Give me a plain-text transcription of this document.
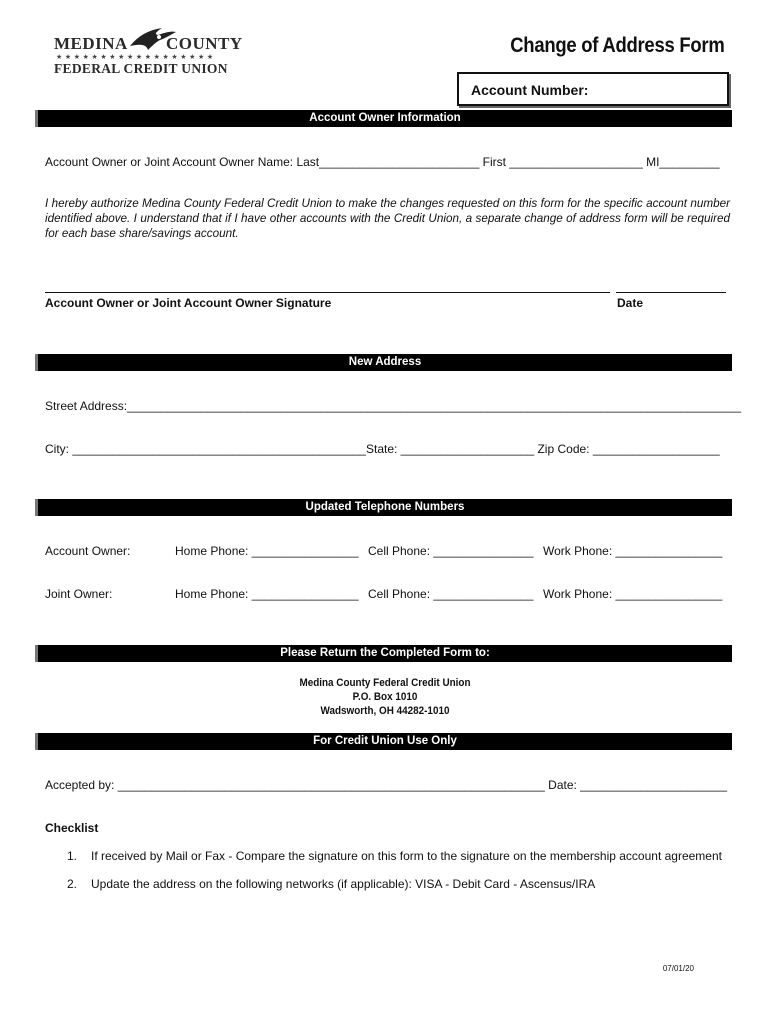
MEDINA COUNTY
★★★★★★★★★★★★★★★★★★
FEDERAL CREDIT UNION
Change of Address Form
Account Number:
Account Owner Information
Account Owner or Joint Account Owner Name: Last________________________ First ____________________ MI_________
I hereby authorize Medina County Federal Credit Union to make the changes requested on this form for the specific account number identified above. I understand that if I have other accounts with the Credit Union, a separate change of address form will be required for each base share/savings account.
Account Owner or Joint Account Owner Signature	Date
New Address
Street Address:____________________________________________________________________________________________
City: ____________________________________________State: ____________________ Zip Code: ___________________
Updated Telephone Numbers
Account Owner:	Home Phone: ________________ Cell Phone: _______________ Work Phone: ________________
Joint Owner:	Home Phone: ________________ Cell Phone: _______________ Work Phone: ________________
Please Return the Completed Form to:
Medina County Federal Credit Union
P.O. Box 1010
Wadsworth, OH 44282-1010
For Credit Union Use Only
Accepted by: ________________________________________________________________ Date: ______________________
Checklist
1. If received by Mail or Fax - Compare the signature on this form to the signature on the membership account agreement
2. Update the address on the following networks (if applicable): VISA - Debit Card - Ascensus/IRA
07/01/20
